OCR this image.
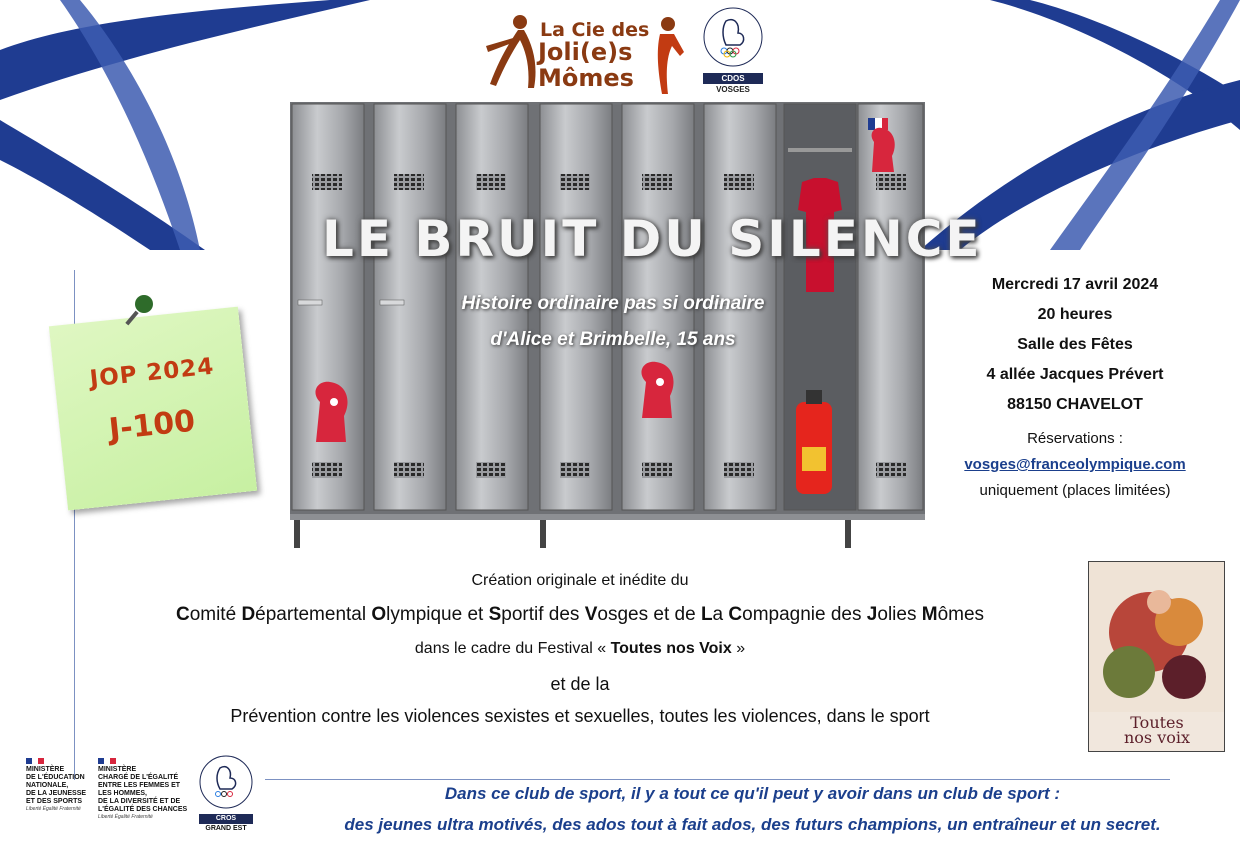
La Cie des
Joli(e)s
Mômes	CDOS
VOSGES
LE BRUIT DU SILENCE
Histoire ordinaire pas si ordinaire
d'Alice et Brimbelle, 15 ans
JOP 2024
J-100
Mercredi 17 avril 2024
20 heures
Salle des Fêtes
4 allée Jacques Prévert
88150 CHAVELOT
Réservations :
vosges@franceolympique.com
uniquement (places limitées)
Toutes
nos voix
Création originale et inédite du
Comité Départemental Olympique et Sportif des Vosges et de La Compagnie des Jolies Mômes
dans le cadre du Festival « Toutes nos Voix »
et de la
Prévention contre les violences sexistes et sexuelles, toutes les violences, dans le sport
MINISTÈRE
DE L'ÉDUCATION
NATIONALE,
DE LA JEUNESSE
ET DES SPORTS
Liberté Égalité Fraternité
MINISTÈRE
CHARGÉ DE L'ÉGALITÉ
ENTRE LES FEMMES ET
LES HOMMES,
DE LA DIVERSITÉ ET DE
L'ÉGALITÉ DES CHANCES
Liberté Égalité Fraternité	CROS
GRAND EST
Dans ce club de sport, il y a tout ce qu'il peut y avoir dans un club de sport :
des jeunes ultra motivés, des ados tout à fait ados, des futurs champions, un entraîneur et un secret.
